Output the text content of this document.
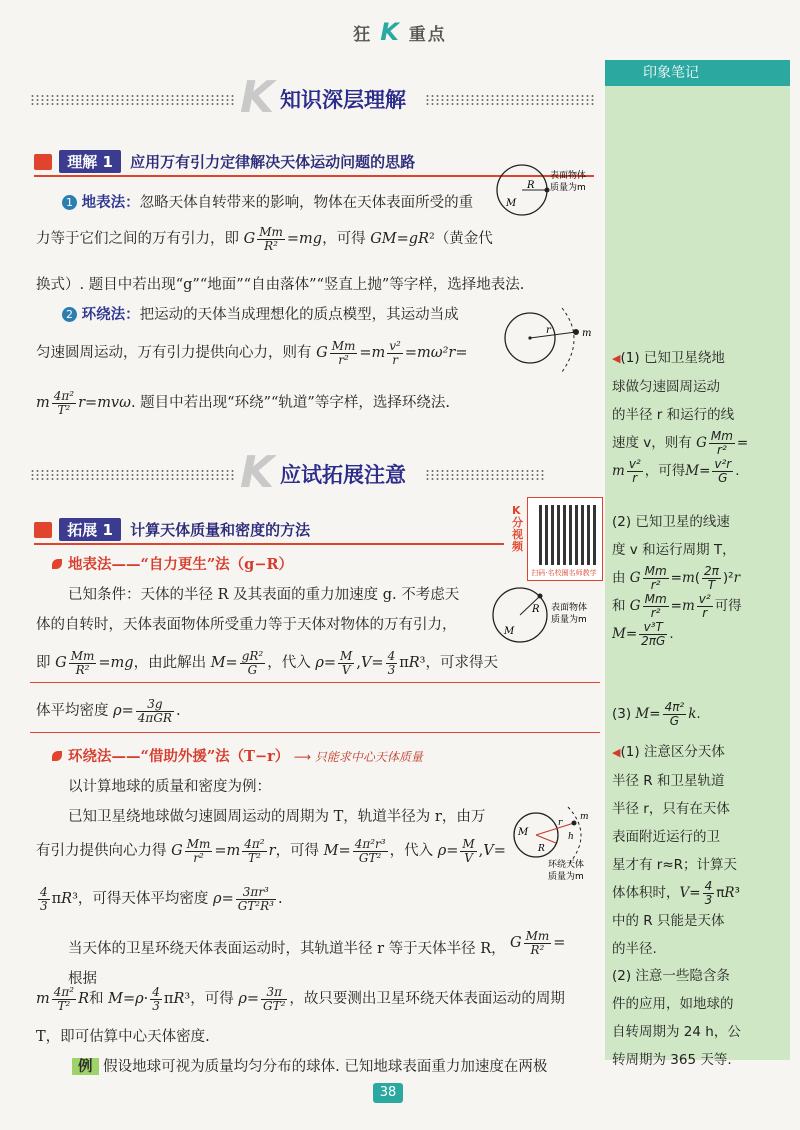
狂 K 重点
印象笔记
K 知识深层理解
理解 1 应用万有引力定律解决天体运动问题的思路
1 地表法：忽略天体自转带来的影响，物体在天体表面所受的重
力等于它们之间的万有引力，即 G $\frac{Mm}{\text{R²}} =mg$，可得 GM=gR²（黄金代
换式）. 题目中若出现“g”“地面”“自由落体”“竖直上抛”等字样，选择地表法.
M
R
表面物体
质量为m
2 环绕法：把运动的天体当成理想化的质点模型，其运动当成
匀速圆周运动，万有引力提供向心力，则有 G $\frac{Mm}{\text{r²}} =m \frac{\text{v²}}{r} =m\omega^2r=$
m $\frac{\text{4π²}}{\text{T²}} r=mv\omega$. 题目中若出现“环绕”“轨道”等字样，选择环绕法.
r	m
K 应试拓展注意
拓展 1 计算天体质量和密度的方法
K分视频
扫码·名校圈名师教学
地表法——“自力更生”法（g−R）
已知条件：天体的半径 R 及其表面的重力加速度 g. 不考虑天
体的自转时，天体表面物体所受重力等于天体对物体的万有引力，
即 G $\frac{Mm}{\text{R²}} =mg$，由此解出 $M= \frac{\text{gR²}}{G}$ ，代入 $\rho= \frac{M}{V} ,V= \frac{4}{3} \pi R^3$，可求得天
体平均密度 $\rho= \frac{3g}{\text{4πGR}}$ .
M
R 表面物体
质量为m
环绕法——“借助外援”法（T−r） ⟶ 只能求中心天体质量
以计算地球的质量和密度为例：
已知卫星绕地球做匀速圆周运动的周期为 T，轨道半径为 r，由万
有引力提供向心力得 G $\frac{Mm}{\text{r²}} =m \frac{\text{4π²}}{\text{T²}}$ r，可得 $M= \frac{\text{4π²r³}}{\text{GT²}}$ ，代入 $\rho= \frac{M}{V} ,V=$
$\frac{4}{3} \pi R^3$，可得天体平均密度 $\rho= \frac{\text{3πr³}}{\text{GT²R³}}$ .
M
R
r
h
m
环绕天体
质量为m
当天体的卫星环绕天体表面运动时，其轨道半径 r 等于天体半径 R，根据
G $\frac{Mm}{\text{R²}}$ =
m $\frac{\text{4π²}}{\text{T²}}$ R和 $M=\rho\cdot \frac{4}{3} \pi R^3$，可得 $\rho= \frac{3\pi}{\text{GT²}}$ ，故只要测出卫星环绕天体表面运动的周期
T，即可估算中心天体密度.
例 假设地球可视为质量均匀分布的球体. 已知地球表面重力加速度在两极
◀(1) 已知卫星绕地
球做匀速圆周运动
的半径 r 和运行的线
速度 v，则有 G $\frac{Mm}{\text{r²}}$ =
m $\frac{\text{v²}}{r}$ ，可得$M= \frac{\text{v²r}}{G}$ .
(2) 已知卫星的线速
度 v 和运行周期 T，
由 G $\frac{Mm}{\text{r²}} =m( \frac{2\pi}{T} )^2r$
和 G $\frac{Mm}{\text{r²}} =m \frac{\text{v²}}{r}$ 可得
$M= \frac{\text{v³T}}{2\pi G}$ .
(3) $M= \frac{\text{4π²}}{G} k$.
◀(1) 注意区分天体
半径 R 和卫星轨道
半径 r，只有在天体
表面附近运行的卫
星才有 r≈R；计算天
体体积时，$V= \frac{4}{3} \pi R^3$
中的 R 只能是天体
的半径.
(2) 注意一些隐含条
件的应用，如地球的
自转周期为 24 h，公
转周期为 365 天等.
38
